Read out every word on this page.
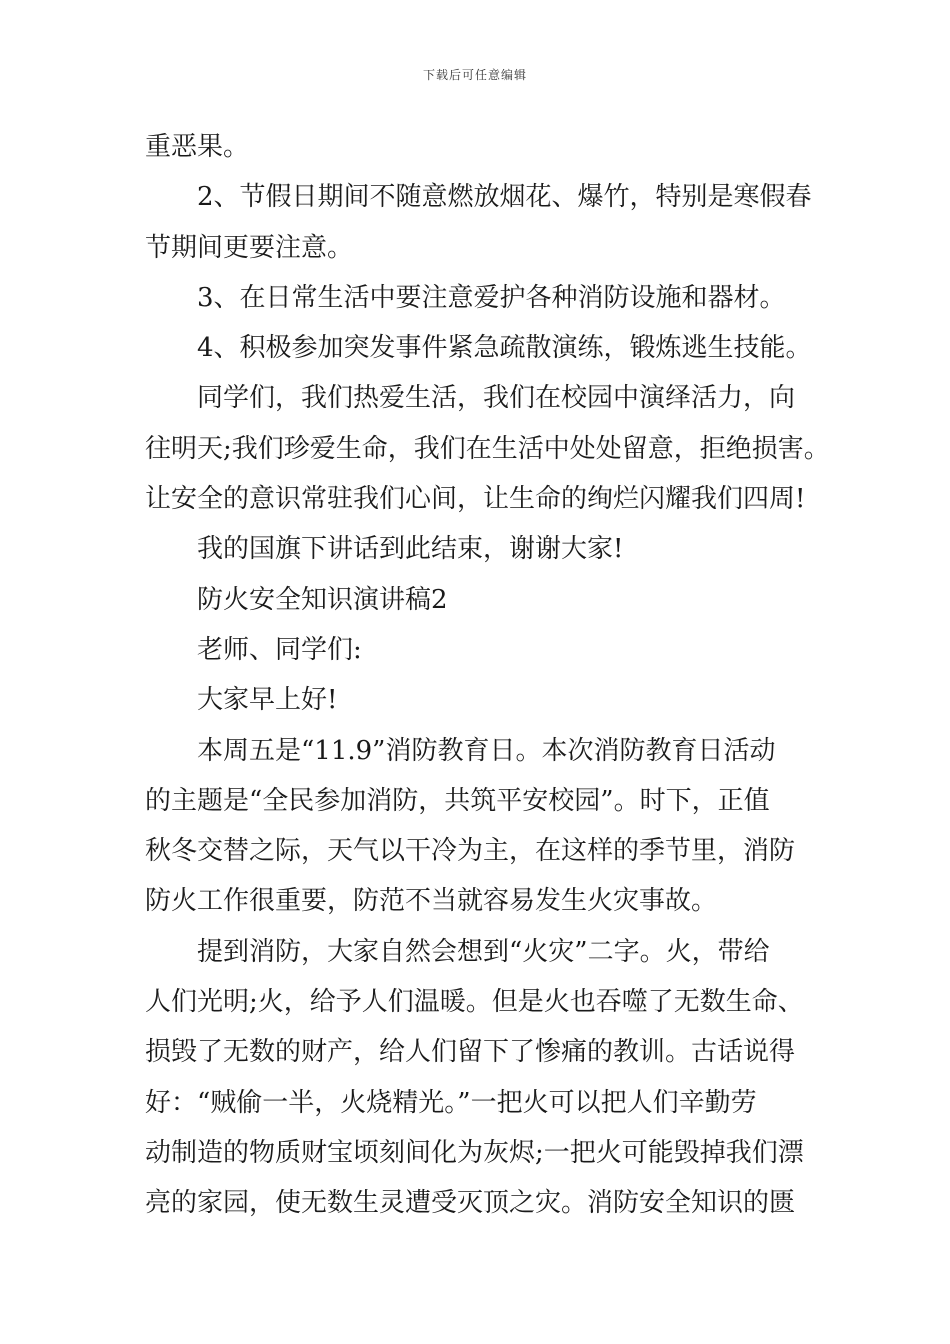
下载后可任意编辑
重恶果。
2、节假日期间不随意燃放烟花、爆竹，特别是寒假春
节期间更要注意。
3、在日常生活中要注意爱护各种消防设施和器材。
4、积极参加突发事件紧急疏散演练，锻炼逃生技能。
同学们，我们热爱生活，我们在校园中演绎活力，向
往明天;我们珍爱生命，我们在生活中处处留意，拒绝损害。
让安全的意识常驻我们心间，让生命的绚烂闪耀我们四周!
我的国旗下讲话到此结束，谢谢大家!
防火安全知识演讲稿2
老师、同学们:
大家早上好!
本周五是“11.9”消防教育日。本次消防教育日活动
的主题是“全民参加消防，共筑平安校园”。时下，正值
秋冬交替之际，天气以干冷为主，在这样的季节里，消防
防火工作很重要，防范不当就容易发生火灾事故。
提到消防，大家自然会想到“火灾”二字。火，带给
人们光明;火，给予人们温暖。但是火也吞噬了无数生命、
损毁了无数的财产，给人们留下了惨痛的教训。古话说得
好：“贼偷一半，火烧精光。”一把火可以把人们辛勤劳
动制造的物质财宝顷刻间化为灰烬;一把火可能毁掉我们漂
亮的家园，使无数生灵遭受灭顶之灾。消防安全知识的匮
